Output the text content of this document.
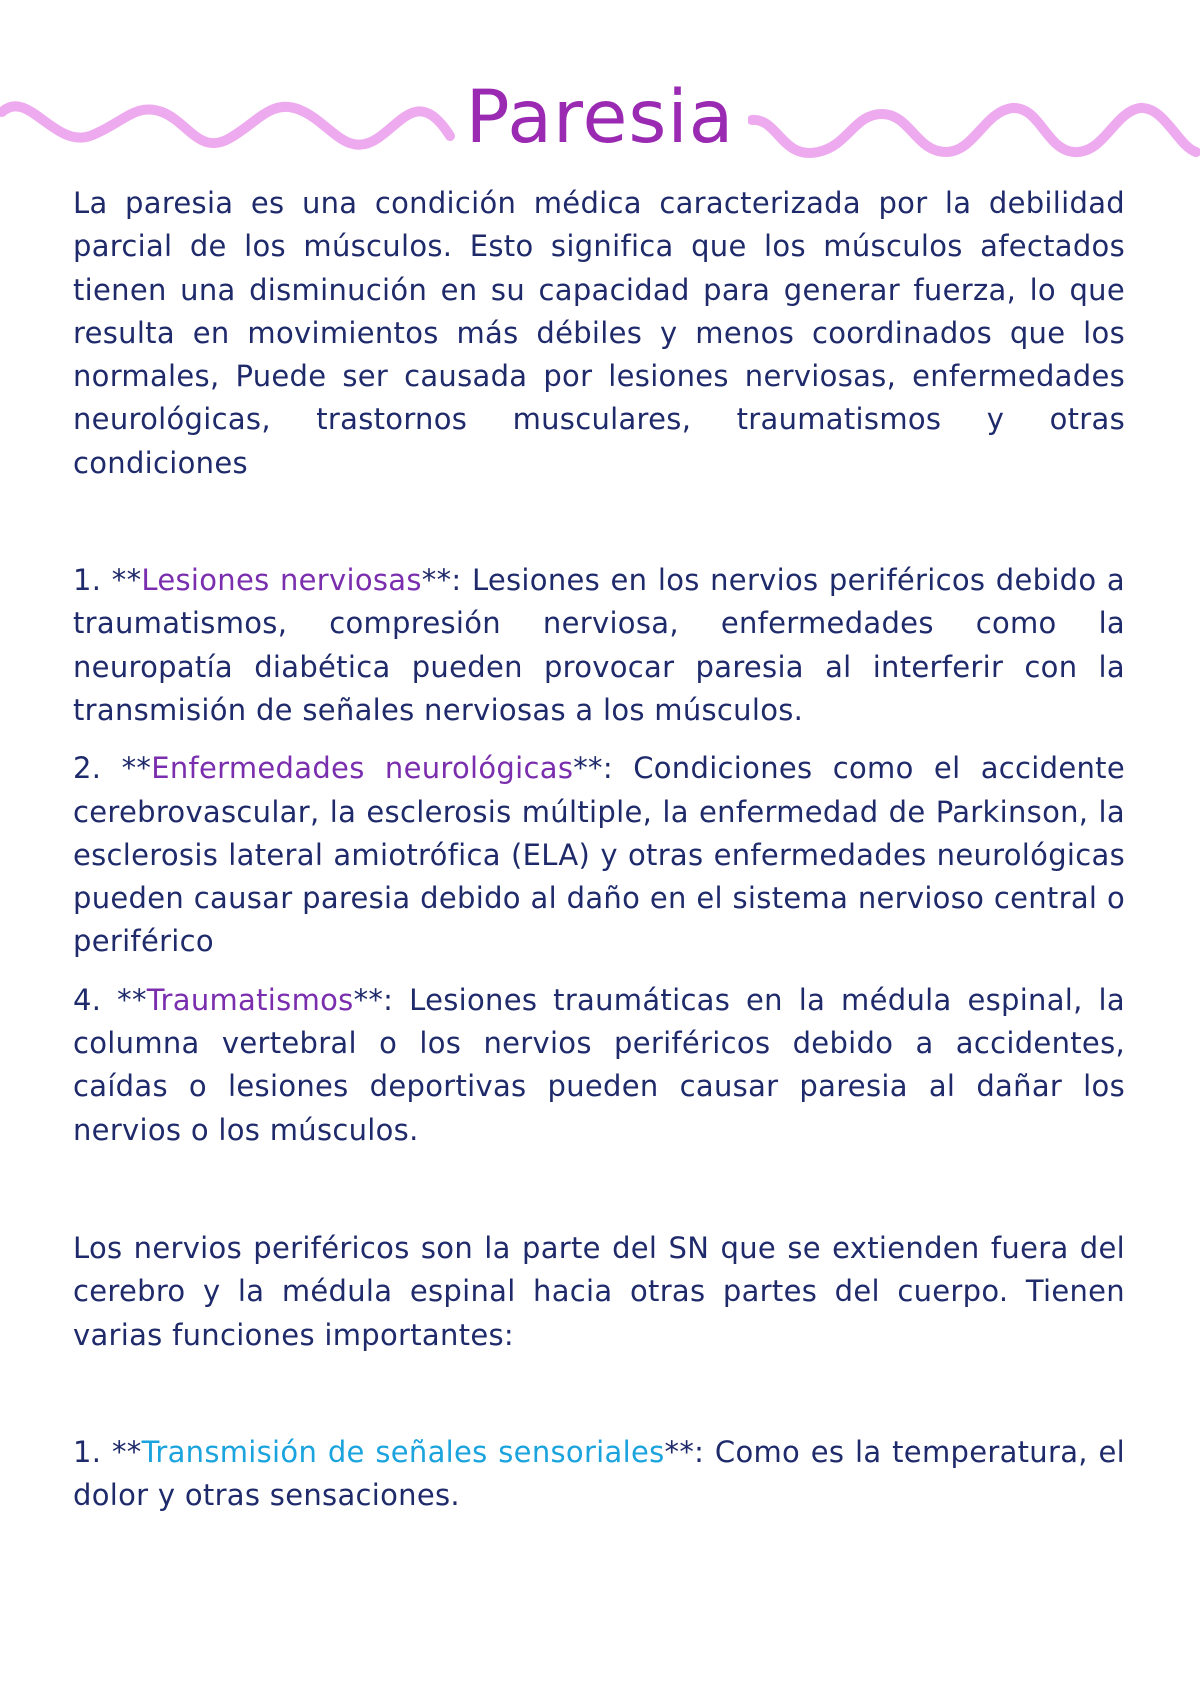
Paresia

La paresia es una condición médica caracterizada por la debilidad parcial de los músculos. Esto significa que los músculos afectados tienen una disminución en su capacidad para generar fuerza, lo que resulta en movimientos más débiles y menos coordinados que los normales, Puede ser causada por lesiones nerviosas, enfermedades neurológicas, trastornos musculares, traumatismos y otras condiciones

1. **Lesiones nerviosas**: Lesiones en los nervios periféricos debido a traumatismos, compresión nerviosa, enfermedades como la neuropatía diabética pueden provocar paresia al interferir con la transmisión de señales nerviosas a los músculos.

2. **Enfermedades neurológicas**: Condiciones como el accidente cerebrovascular, la esclerosis múltiple, la enfermedad de Parkinson, la esclerosis lateral amiotrófica (ELA) y otras enfermedades neurológicas pueden causar paresia debido al daño en el sistema nervioso central o periférico

4. **Traumatismos**: Lesiones traumáticas en la médula espinal, la columna vertebral o los nervios periféricos debido a accidentes, caídas o lesiones deportivas pueden causar paresia al dañar los nervios o los músculos.

Los nervios periféricos son la parte del SN que se extienden fuera del cerebro y la médula espinal hacia otras partes del cuerpo. Tienen varias funciones importantes:

1. **Transmisión de señales sensoriales**: Como es la temperatura, el dolor y otras sensaciones.
